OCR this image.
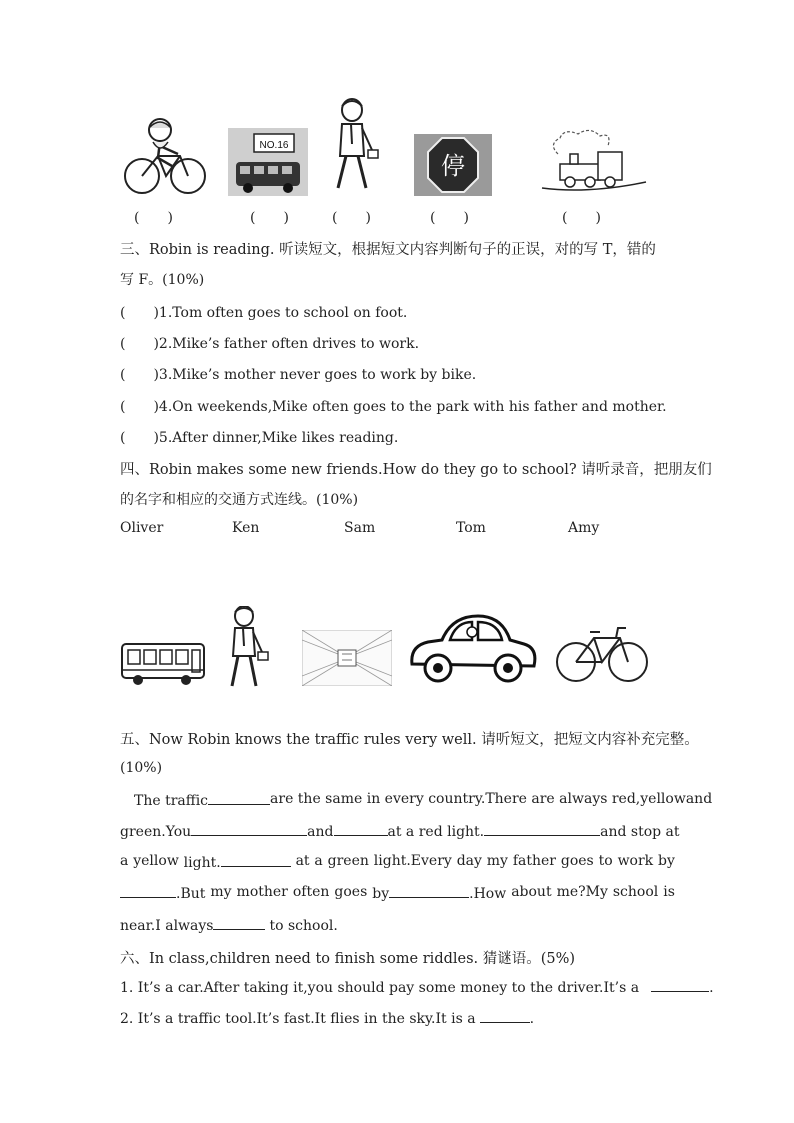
NO.16
停
(　　)	(　　)	(　　)	(　　)	(　　)
三、Robin is reading. 听读短文，根据短文内容判断句子的正误，对的写 T，错的
写 F。(10%)
(　　)1.Tom often goes to school on foot.
(　　)2.Mike’s father often drives to work.
(　　)3.Mike’s mother never goes to work by bike.
(　　)4.On weekends,Mike often goes to the park with his father and mother.
(　　)5.After dinner,Mike likes reading.
四、Robin makes some new friends.How do they go to school? 请听录音，把朋友们
的名字和相应的交通方式连线。(10%)
Oliver	Ken	Sam	Tom	Amy
五、Now Robin knows the traffic rules very well. 请听短文，把短文内容补充完整。
(10%)
The traffic	are the same in every country.There are always red,yellow and
green.You	and	at a red light.	and stop at
a yellow light.	at a green light.Every day my father goes to work by
.But my mother often goes by	.How about me?My school is
near.I always	to school.
六、In class,children need to finish some riddles. 猜谜语。(5%)
1. It’s a car.After taking it,you should pay some money to the driver.It’s a	.
2. It’s a traffic tool.It’s fast.It flies in the sky.It is a	.
